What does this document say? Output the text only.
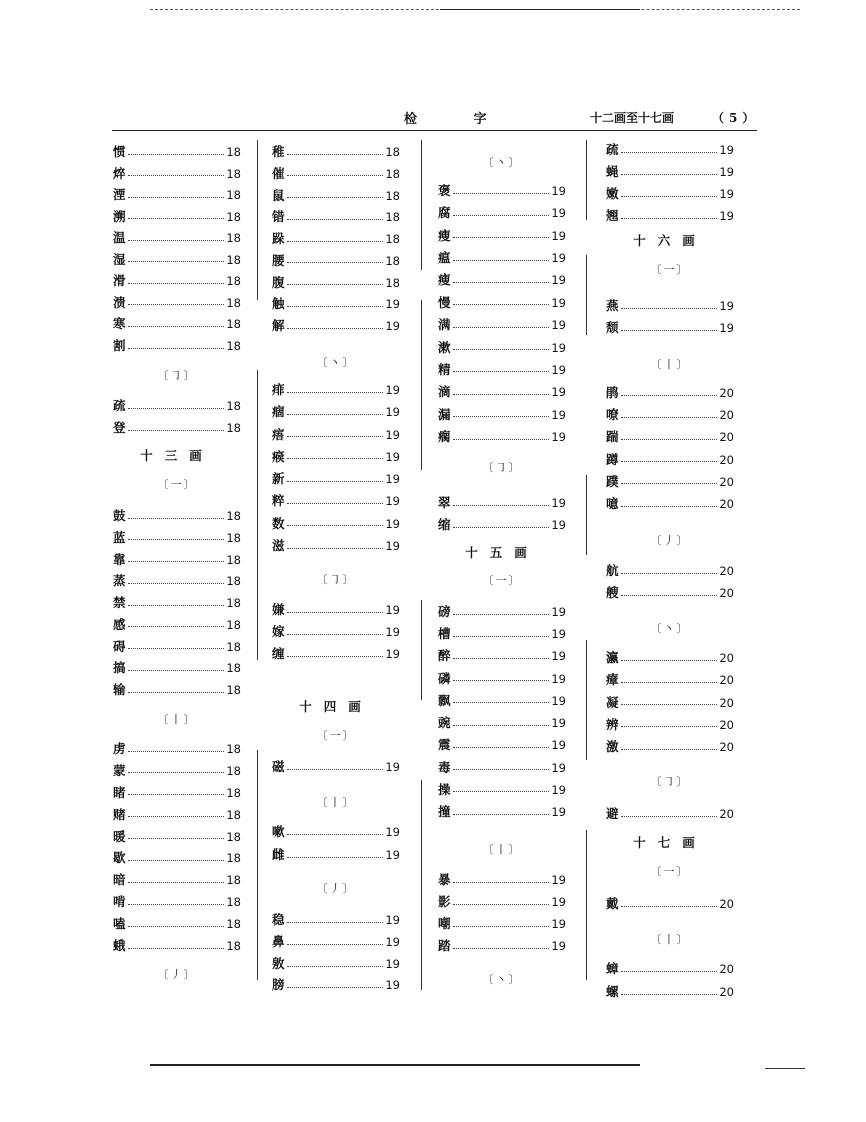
检 字	十二画至十七画	（5）
惯	18
焠	18
湮	18
溯	18
温	18
湿	18
滑	18
溃	18
寒	18
割	18
〔㇆〕
疏	18
登	18
十三画
〔一〕
鼓	18
蓝	18
靠	18
蒸	18
禁	18
感	18
碍	18
搞	18
输	18
〔丨〕
虏	18
蒙	18
睹	18
赌	18
暖	18
歇	18
暗	18
啃	18
嗑	18
蛾	18
〔丿〕
稚	18
催	18
鼠	18
错	18
跺	18
腰	18
腹	18
触	19
解	19
〔丶〕
痱	19
痼	19
痦	19
瘊	19
新	19
粹	19
数	19
滋	19
〔㇆〕
嫌	19
嫁	19
缠	19
十四画
〔一〕
磁	19
〔丨〕
嗽	19
雌	19
〔丿〕
稳	19
鼻	19
敫	19
膀	19
〔丶〕
褒	19
腐	19
瘦	19
瘟	19
瘦	19
慢	19
满	19
漱	19
精	19
滴	19
漏	19
瘸	19
〔㇆〕
翠	19
缩	19
十五画
〔一〕
磅	19
槽	19
醉	19
磷	19
飘	19
豌	19
震	19
毒	19
操	19
撞	19
〔丨〕
暴	19
影	19
嘲	19
踏	19
〔丶〕
疏	19
蝇	19
嫩	19
翘	19
十六画
〔一〕
燕	19
颓	19
〔丨〕
鹃	20
嘹	20
踹	20
蹲	20
蹼	20
噫	20
〔丿〕
航	20
艘	20
〔丶〕
瀛	20
瘴	20
凝	20
辨	20
激	20
〔㇆〕
避	20
十七画
〔一〕
戴	20
〔丨〕
蟑	20
螺	20
